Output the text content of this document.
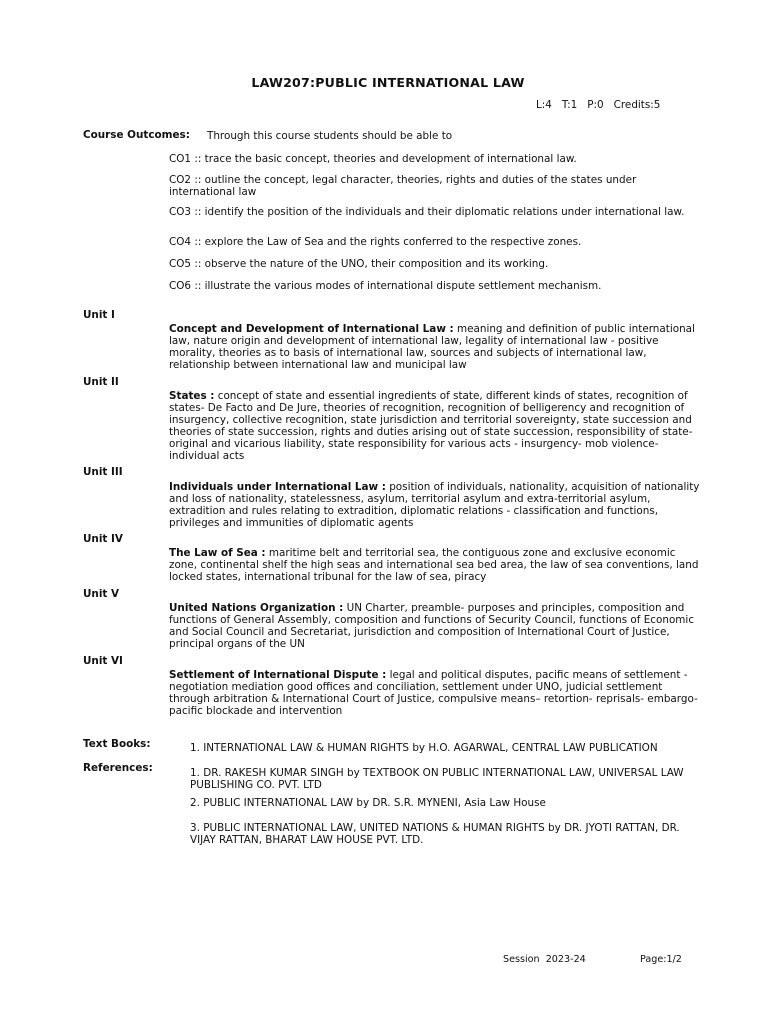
LAW207:PUBLIC INTERNATIONAL LAW
L:4 T:1 P:0 Credits:5
Course Outcomes: Through this course students should be able to

CO1 :: trace the basic concept, theories and development of international law.

CO2 :: outline the concept, legal character, theories, rights and duties of the states under international law

CO3 :: identify the position of the individuals and their diplomatic relations under international law.

CO4 :: explore the Law of Sea and the rights conferred to the respective zones.

CO5 :: observe the nature of the UNO, their composition and its working.

CO6 :: illustrate the various modes of international dispute settlement mechanism.

Unit I
Concept and Development of International Law : meaning and definition of public international law, nature origin and development of international law, legality of international law - positive morality, theories as to basis of international law, sources and subjects of international law, relationship between international law and municipal law
Unit II
States : concept of state and essential ingredients of state, different kinds of states, recognition of states- De Facto and De Jure, theories of recognition, recognition of belligerency and recognition of insurgency, collective recognition, state jurisdiction and territorial sovereignty, state succession and theories of state succession, rights and duties arising out of state succession, responsibility of state- original and vicarious liability, state responsibility for various acts - insurgency- mob violence- individual acts
Unit III
Individuals under International Law : position of individuals, nationality, acquisition of nationality and loss of nationality, statelessness, asylum, territorial asylum and extra-territorial asylum, extradition and rules relating to extradition, diplomatic relations - classification and functions, privileges and immunities of diplomatic agents
Unit IV
The Law of Sea : maritime belt and territorial sea, the contiguous zone and exclusive economic zone, continental shelf the high seas and international sea bed area, the law of sea conventions, land locked states, international tribunal for the law of sea, piracy
Unit V
United Nations Organization : UN Charter, preamble- purposes and principles, composition and functions of General Assembly, composition and functions of Security Council, functions of Economic and Social Council and Secretariat, jurisdiction and composition of International Court of Justice, principal organs of the UN
Unit VI
Settlement of International Dispute : legal and political disputes, pacific means of settlement - negotiation mediation good offices and conciliation, settlement under UNO, judicial settlement through arbitration & International Court of Justice, compulsive means– retortion- reprisals- embargo- pacific blockade and intervention
Text Books:	1. INTERNATIONAL LAW & HUMAN RIGHTS by H.O. AGARWAL, CENTRAL LAW PUBLICATION
References:	1. DR. RAKESH KUMAR SINGH by TEXTBOOK ON PUBLIC INTERNATIONAL LAW, UNIVERSAL LAW PUBLISHING CO. PVT. LTD
2. PUBLIC INTERNATIONAL LAW by DR. S.R. MYNENI, Asia Law House
3. PUBLIC INTERNATIONAL LAW, UNITED NATIONS & HUMAN RIGHTS by DR. JYOTI RATTAN, DR. VIJAY RATTAN, BHARAT LAW HOUSE PVT. LTD.
Session  2023-24	Page:1/2
